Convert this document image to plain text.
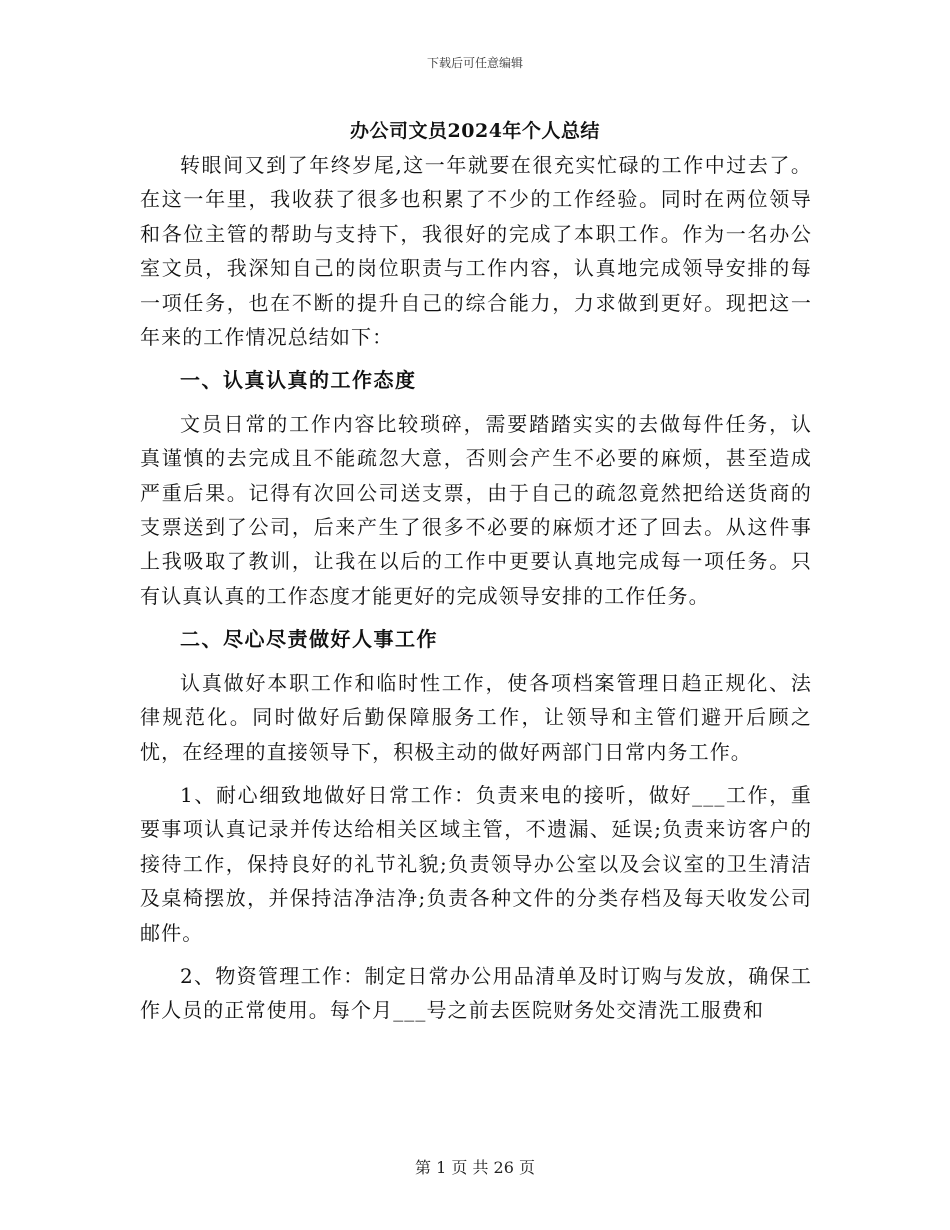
下载后可任意编辑
办公司文员2024年个人总结

转眼间又到了年终岁尾,这一年就要在很充实忙碌的工作中过去了。在这一年里，我收获了很多也积累了不少的工作经验。同时在两位领导和各位主管的帮助与支持下，我很好的完成了本职工作。作为一名办公室文员，我深知自己的岗位职责与工作内容，认真地完成领导安排的每一项任务，也在不断的提升自己的综合能力，力求做到更好。现把这一年来的工作情况总结如下：

一、认真认真的工作态度

文员日常的工作内容比较琐碎，需要踏踏实实的去做每件任务，认真谨慎的去完成且不能疏忽大意，否则会产生不必要的麻烦，甚至造成严重后果。记得有次回公司送支票，由于自己的疏忽竟然把给送货商的支票送到了公司，后来产生了很多不必要的麻烦才还了回去。从这件事上我吸取了教训，让我在以后的工作中更要认真地完成每一项任务。只有认真认真的工作态度才能更好的完成领导安排的工作任务。

二、尽心尽责做好人事工作

认真做好本职工作和临时性工作，使各项档案管理日趋正规化、法律规范化。同时做好后勤保障服务工作，让领导和主管们避开后顾之忧，在经理的直接领导下，积极主动的做好两部门日常内务工作。

1、耐心细致地做好日常工作：负责来电的接听，做好___工作，重要事项认真记录并传达给相关区域主管，不遗漏、延误;负责来访客户的接待工作，保持良好的礼节礼貌;负责领导办公室以及会议室的卫生清洁及桌椅摆放，并保持洁净洁净;负责各种文件的分类存档及每天收发公司邮件。

2、物资管理工作：制定日常办公用品清单及时订购与发放，确保工作人员的正常使用。每个月___号之前去医院财务处交清洗工服费和

第 1 页 共 26 页
